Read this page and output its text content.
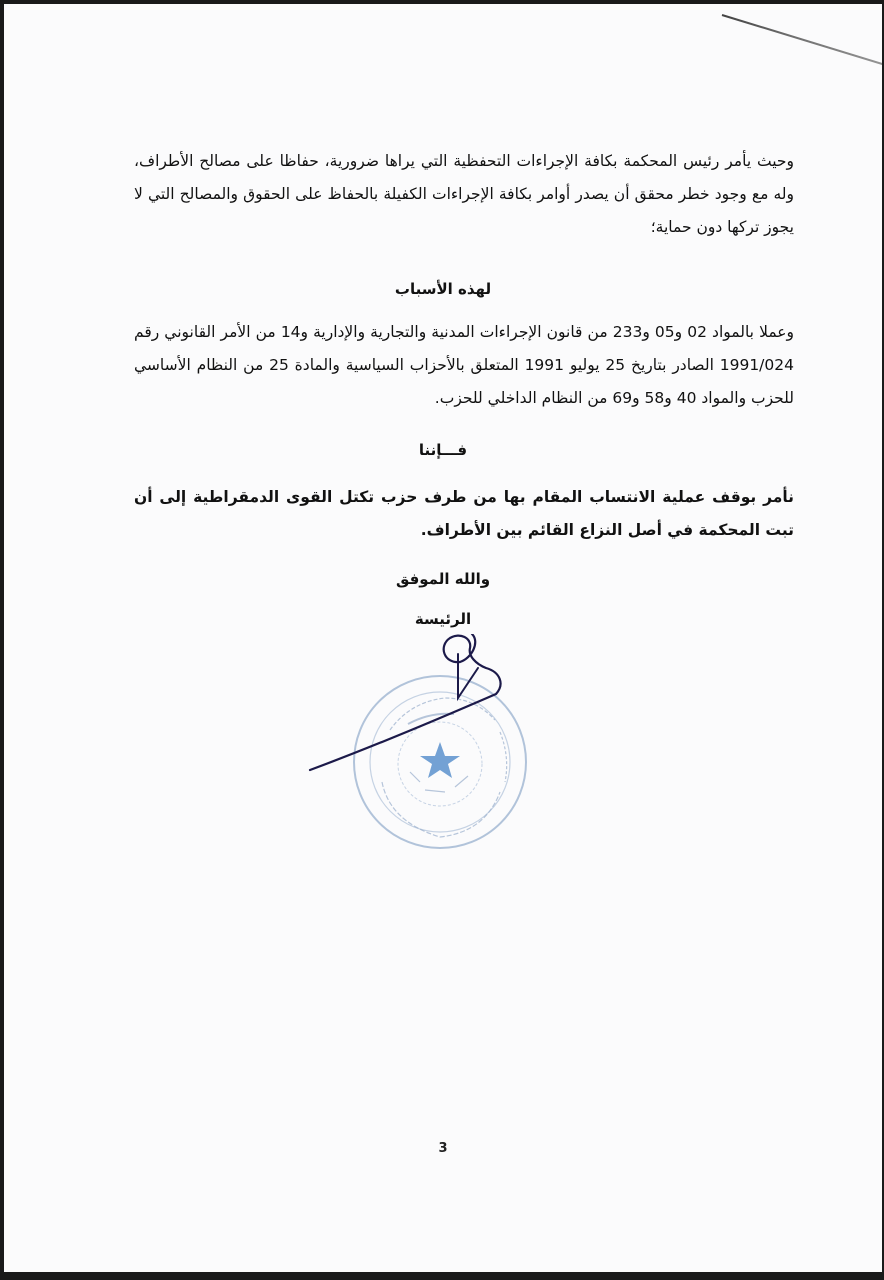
وحيث يأمر رئيس المحكمة بكافة الإجراءات التحفظية التي يراها ضرورية، حفاظا على مصالح الأطراف، وله مع وجود خطر محقق أن يصدر أوامر بكافة الإجراءات الكفيلة بالحفاظ على الحقوق والمصالح التي لا يجوز تركها دون حماية؛

لهذه الأسباب

وعملا بالمواد 02 و05 و233 من قانون الإجراءات المدنية والتجارية والإدارية و14 من الأمر القانوني رقم 1991/024 الصادر بتاريخ 25 يوليو 1991 المتعلق بالأحزاب السياسية والمادة 25 من النظام الأساسي للحزب والمواد 40 و58 و69 من النظام الداخلي للحزب.

فـــإننا

نأمر بوقف عملية الانتساب المقام بها من طرف حزب تكتل القوى الدمقراطية إلى أن تبت المحكمة في أصل النزاع القائم بين الأطراف.

والله الموفق
الرئيسة
3
